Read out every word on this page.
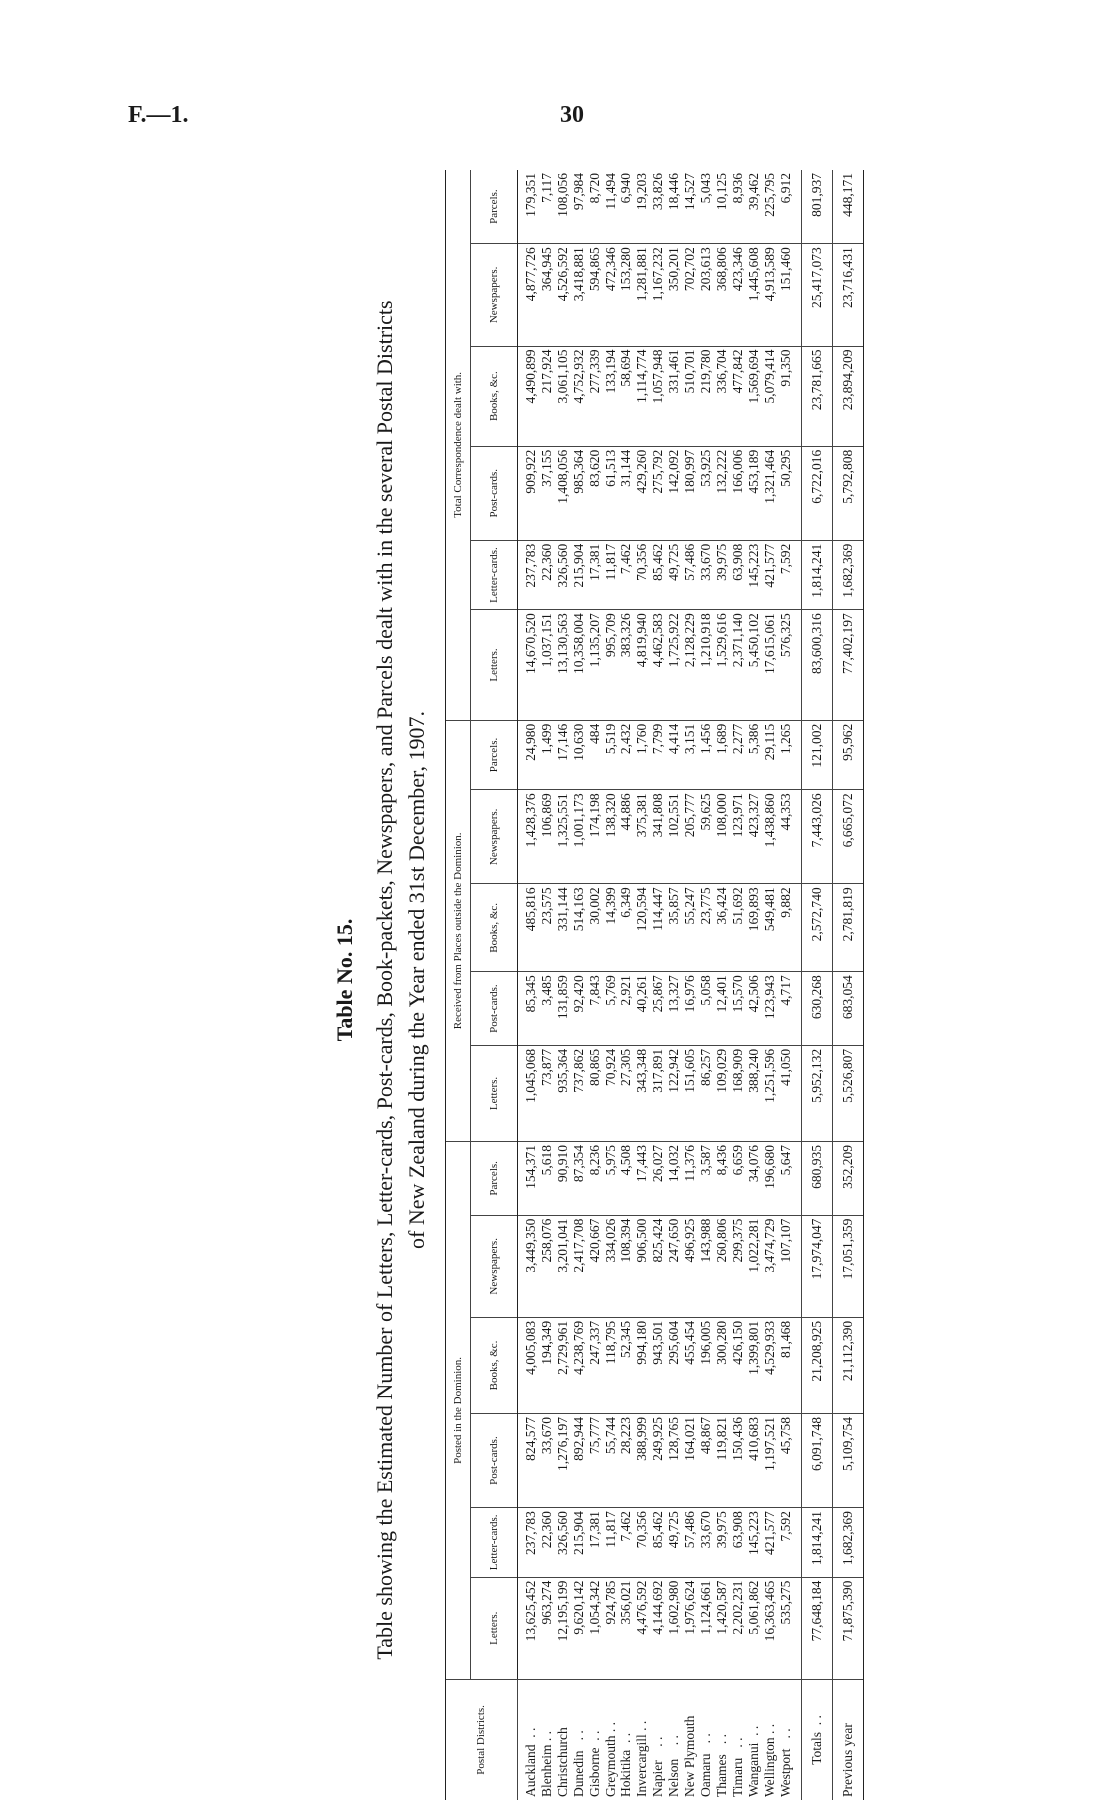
F.—1.	30
Table No. 15. Table showing the Estimated Number of Letters, Letter-cards, Post-cards, Book-packets, Newspapers, and Parcels dealt with in the several Postal Districts of New Zealand during the Year ended 31st December, 1907.
Postal Districts.	Posted in the Dominion.						Received from Places outside the Dominion.					Total Correspondence dealt with.					
	Letters.	Letter-cards.	Post-cards.	Books, &c.	Newspapers.	Parcels.	Letters.	Post-cards.	Books, &c.	Newspapers.	Parcels.	Letters.	Letter-cards.	Post-cards.	Books, &c.	Newspapers.	Parcels.
Auckland  . .	13,625,452	237,783	824,577	4,005,083	3,449,350	154,371	1,045,068	85,345	485,816	1,428,376	24,980	14,670,520	237,783	909,922	4,490,899	4,877,726	179,351
Blenheim . .	963,274	22,360	33,670	194,349	258,076	5,618	73,877	3,485	23,575	106,869	1,499	1,037,151	22,360	37,155	217,924	364,945	7,117
Christchurch	12,195,199	326,560	1,276,197	2,729,961	3,201,041	90,910	935,364	131,859	331,144	1,325,551	17,146	13,130,563	326,560	1,408,056	3,061,105	4,526,592	108,056
Dunedin   . .	9,620,142	215,904	892,944	4,238,769	2,417,708	87,354	737,862	92,420	514,163	1,001,173	10,630	10,358,004	215,904	985,364	4,752,932	3,418,881	97,984
Gisborne  . .	1,054,342	17,381	75,777	247,337	420,667	8,236	80,865	7,843	30,002	174,198	484	1,135,207	17,381	83,620	277,339	594,865	8,720
Greymouth . .	924,785	11,817	55,744	118,795	334,026	5,975	70,924	5,769	14,399	138,320	5,519	995,709	11,817	61,513	133,194	472,346	11,494
Hokitika  . .	356,021	7,462	28,223	52,345	108,394	4,508	27,305	2,921	6,349	44,886	2,432	383,326	7,462	31,144	58,694	153,280	6,940
Invercargill . .	4,476,592	70,356	388,999	994,180	906,500	17,443	343,348	40,261	120,594	375,381	1,760	4,819,940	70,356	429,260	1,114,774	1,281,881	19,203
Napier    . .	4,144,692	85,462	249,925	943,501	825,424	26,027	317,891	25,867	114,447	341,808	7,799	4,462,583	85,462	275,792	1,057,948	1,167,232	33,826
Nelson    . .	1,602,980	49,725	128,765	295,604	247,650	14,032	122,942	13,327	35,857	102,551	4,414	1,725,922	49,725	142,092	331,461	350,201	18,446
New Plymouth	1,976,624	57,486	164,021	455,454	496,925	11,376	151,605	16,976	55,247	205,777	3,151	2,128,229	57,486	180,997	510,701	702,702	14,527
Oamaru   . .	1,124,661	33,670	48,867	196,005	143,988	3,587	86,257	5,058	23,775	59,625	1,456	1,210,918	33,670	53,925	219,780	203,613	5,043
Thames   . .	1,420,587	39,975	119,821	300,280	260,806	8,436	109,029	12,401	36,424	108,000	1,689	1,529,616	39,975	132,222	336,704	368,806	10,125
Timaru   . .	2,202,231	63,908	150,436	426,150	299,375	6,659	168,909	15,570	51,692	123,971	2,277	2,371,140	63,908	166,006	477,842	423,346	8,936
Wanganui  . .	5,061,862	145,223	410,683	1,399,801	1,022,281	34,076	388,240	42,506	169,893	423,327	5,386	5,450,102	145,223	453,189	1,569,694	1,445,608	39,462
Wellington . .	16,363,465	421,577	1,197,521	4,529,933	3,474,729	196,680	1,251,596	123,943	549,481	1,438,860	29,115	17,615,061	421,577	1,321,464	5,079,414	4,913,589	225,795
Westport   . .	535,275	7,592	45,758	81,468	107,107	5,647	41,050	4,717	9,882	44,353	1,265	576,325	7,592	50,295	91,350	151,460	6,912
Totals  . .	77,648,184	1,814,241	6,091,748	21,208,925	17,974,047	680,935	5,952,132	630,268	2,572,740	7,443,026	121,002	83,600,316	1,814,241	6,722,016	23,781,665	25,417,073	801,937
Previous year	71,875,390	1,682,369	5,109,754	21,112,390	17,051,359	352,209	5,526,807	683,054	2,781,819	6,665,072	95,962	77,402,197	1,682,369	5,792,808	23,894,209	23,716,431	448,171
